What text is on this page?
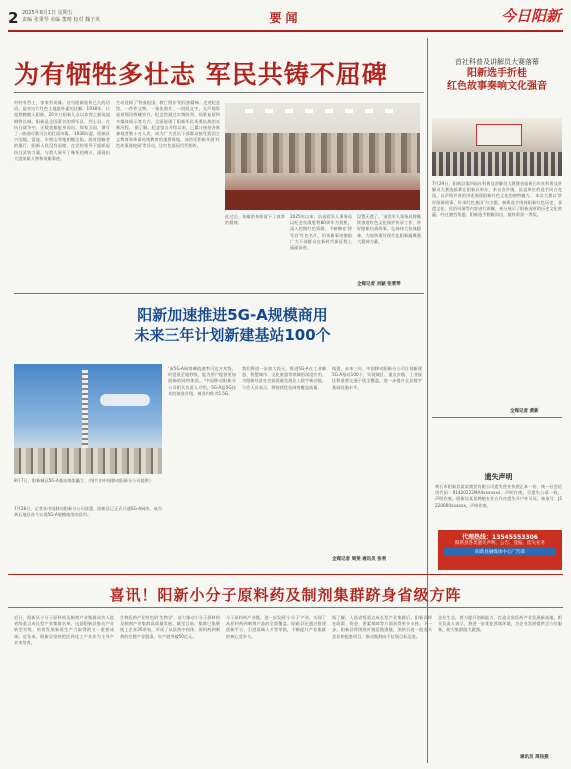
2 2025年8月1日 星期五
责编 张秉琴 美编 董晴 校对 魏子英	要闻	今日阳新
为有牺牲多壮志 军民共铸不屈碑	首社科普及讲解员大赛落幕
阳新选手折桂
红色故事奏响文化强音
村村有烈士，家家有英雄。这句阳新流传已久的话语，是对这片红色土地最朴素的注解。1938年，日寇铁蹄踏入阳新，20多万阳新儿女以血肉之躯筑起钢铁长城，阳新是全国著名的将军县、烈士县。在抗日战争中，无数英雄挺身而出，保家卫国，谱写了一曲曲可歌可泣的壮丽诗篇。 1938年夏，阳新县兴国镇，富池、半壁山等地相继沦陷。面对侵略者的暴行，阳新人民没有退缩，在党的领导下组织起抗日武装力量，与敌人展开了殊死的搏斗，涌现出大批英雄人物和英雄事迹。
生动诠释了'铁血报国、救亡图存'的民族精神。走进纪念馆，一件件文物，一张张照片，一段段文字，无声地诉说着那段峥嵘岁月。纪念馆通过实物陈列、场景复原和多媒体展示等方式，全面展现了阳新军民英勇抗战的光辉历程。 据了解，纪念馆自开馆以来，已累计接待各界参观者数十万人次，成为广大党员干部群众接受爱国主义教育和革命传统教育的重要阵地。该馆还积极开展'红色故事进校园'等活动，让红色基因代代相传。
此过后，英雄的身影留下了真挚的精神。
2025年以来，县退役军人事务局以纪念抗战胜利80周年为契机，深入挖掘红色资源，不断擦亮'将军县'红色名片，用英雄事迹激励广大干部群众在新时代新征程上砥砺奋进。
设置无遗了。'退役军人事务局将继续推进红色文化保护传承工作，讲好阳新抗战故事，弘扬伟大抗战精神，为加快建设现代化阳新凝聚强大精神力量。'
全媒记者 刘颖 张秉琴
阳新加速推进5G-A规模商用
未来三年计划新建基站100个
8月7日，阳新城区5G-A基站塔架矗立。（图片由中国移动阳新分公司提供）
7月28日，记者从中国移动阳新分公司获悉，阳新县已正式开通5G-A网络，成为黄石地区首个实现5G-A规模商用的县市。
'该5G-A网络峰值速率可达万兆级，时延低至毫秒级，能为用户提供更加流畅的网络体验。'中国移动阳新分公司相关负责人介绍，5G-A是5G技术的演进升级，被业内称为5.5G。
我们将进一步加大投入，推进5G-A在工业制造、智慧城市、文化旅游等领域的深度应用，为阳新经济社会高质量发展注入数字新动能。与会人员表示，将持续优化网络覆盖质量。
据悉，未来三年，中国移动阳新分公司计划新建5G-A基站100个，实现城区、重点乡镇、工业园区和重要交通干线全覆盖，进一步提升全县数字基础设施水平。
全媒记者 周斐 通讯员 张利
7月29日，阳新县第四届社科普及讲解员大赛暨首届黄石市社科普及讲解员大赛选拔赛在阳新县举办，来自各乡镇、县直单位的选手同台竞技，以声情并茂的讲述展现阳新红色文化的独特魅力。 本次大赛以'讲好阳新故事、传承红色基因'为主题，参赛选手围绕阳新红色历史、非遗文化、民俗风情等内容进行讲解，充分展示了阳新深厚的历史文化底蕴。经过激烈角逐，阳新选手脱颖而出，最终荣获一等奖。
全媒记者 黄新
遗失声明
黄石市阳新县某某商贸有限公司遗失营业执照正本一份，统一社会信用代码：91420222MA4xxxxxxx，声明作废。另遗失公章一枚，声明作废。阳新县某某种植专业合作社遗失开户许可证，核准号：J5220000xxxxxx，声明作废。
代理热线：13545553306
阳新县各类遗失声明、公告、登报、挂失业务
阳新县融媒体中心广告部
喜讯！阳新小分子原料药及制剂集群跻身省级方阵
近日，阳新县小分子原料药及制剂产业集群成功入选省级重点成长型产业集群名单。这是阳新县推动产业转型升级、培育发展新质生产力取得的又一重要成果。近年来，阳新县坚持把医药化工产业作为主导产业来培育。
生物医药产业特色的'生物谷'，奋力推动小分子原料药及制剂产业集群高质量发展。截至目前，集群已集聚规上企业20余家，形成了从医药中间体、原料药到制剂的完整产业链条，年产值突破50亿元。
分子原料药产业链，进一步发展'小分子'产业，实现了从原料药到制剂产品的全面覆盖。阳新县还通过搭建创新平台、引进高端人才等举措，不断提升产业集群的核心竞争力。
据了解，入选省级重点成长型产业集群后，阳新县将在政策、资金、要素保障等方面获得更多支持。下一步，阳新县将围绕补链延链强链，加快引进一批龙头企业和配套项目，推动集群向千亿级目标迈进。
企业生态，着力提升创新能力，打造全省医药产业发展新高地。相关负责人表示，将进一步优化营商环境，为企业发展提供全方位服务，助力集群做大做强。
通讯员 周扬燕
